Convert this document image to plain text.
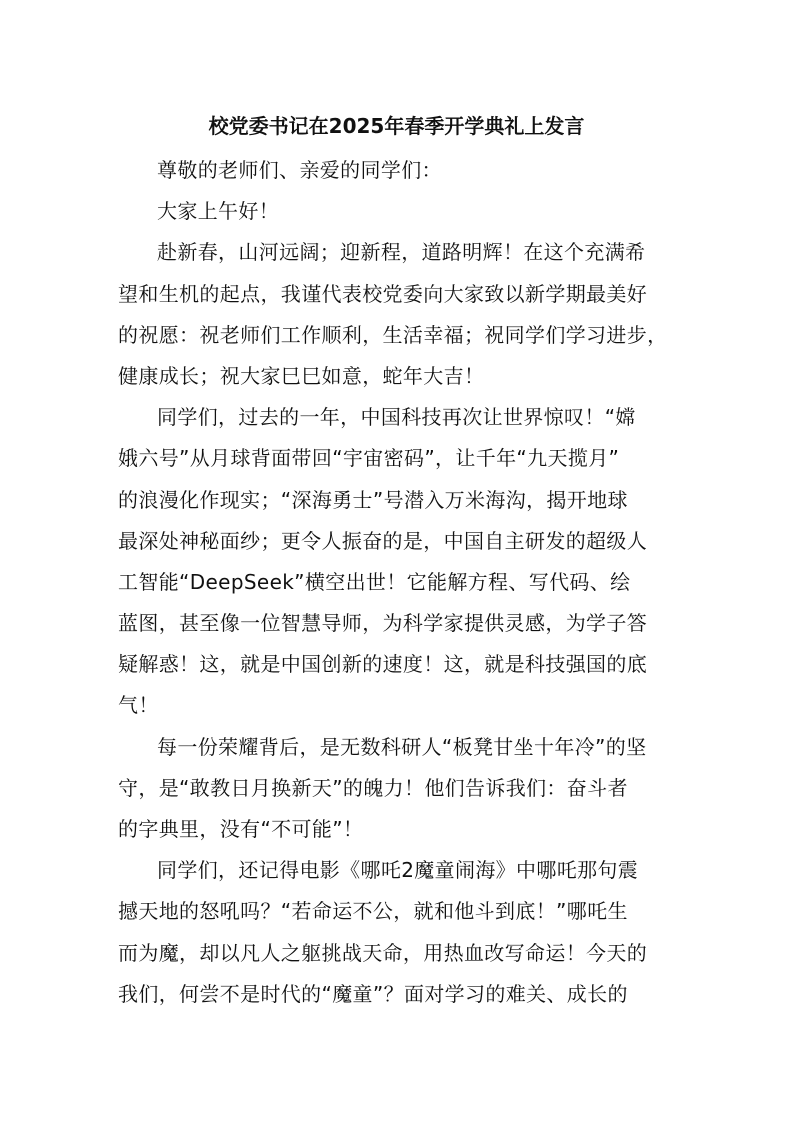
校党委书记在2025年春季开学典礼上发言
尊敬的老师们、亲爱的同学们：
大家上午好！
赴新春，山河远阔；迎新程，道路明辉！在这个充满希
望和生机的起点，我谨代表校党委向大家致以新学期最美好
的祝愿：祝老师们工作顺利，生活幸福；祝同学们学习进步，
健康成长；祝大家巳巳如意，蛇年大吉！
同学们，过去的一年，中国科技再次让世界惊叹！“嫦
娥六号”从月球背面带回“宇宙密码”，让千年“九天揽月”
的浪漫化作现实；“深海勇士”号潜入万米海沟，揭开地球
最深处神秘面纱；更令人振奋的是，中国自主研发的超级人
工智能“DeepSeek”横空出世！它能解方程、写代码、绘
蓝图，甚至像一位智慧导师，为科学家提供灵感，为学子答
疑解惑！这，就是中国创新的速度！这，就是科技强国的底
气！
每一份荣耀背后，是无数科研人“板凳甘坐十年冷”的坚
守，是“敢教日月换新天”的魄力！他们告诉我们：奋斗者
的字典里，没有“不可能”！
同学们，还记得电影《哪吒2魔童闹海》中哪吒那句震
撼天地的怒吼吗？“若命运不公，就和他斗到底！”哪吒生
而为魔，却以凡人之躯挑战天命，用热血改写命运！今天的
我们，何尝不是时代的“魔童”？面对学习的难关、成长的
